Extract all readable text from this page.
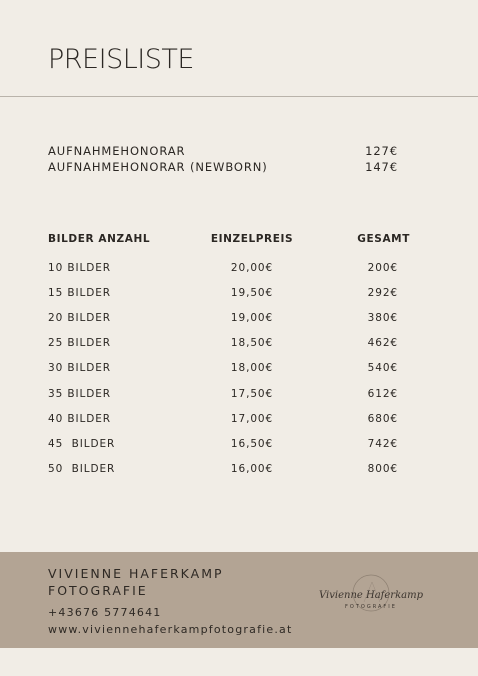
PREISLISTE
AUFNAHMEHONORAR	127€
AUFNAHMEHONORAR (NEWBORN)	147€
BILDER ANZAHL	EINZELPREIS	GESAMT
10 BILDER	20,00€	200€
15 BILDER	19,50€	292€
20 BILDER	19,00€	380€
25 BILDER	18,50€	462€
30 BILDER	18,00€	540€
35 BILDER	17,50€	612€
40 BILDER	17,00€	680€
45  BILDER	16,50€	742€
50  BILDER	16,00€	800€
VIVIENNE HAFERKAMP
FOTOGRAFIE
+43676 5774641
www.viviennehaferkampfotografie.at
Vivienne Haferkamp
FOTOGRAFIE
